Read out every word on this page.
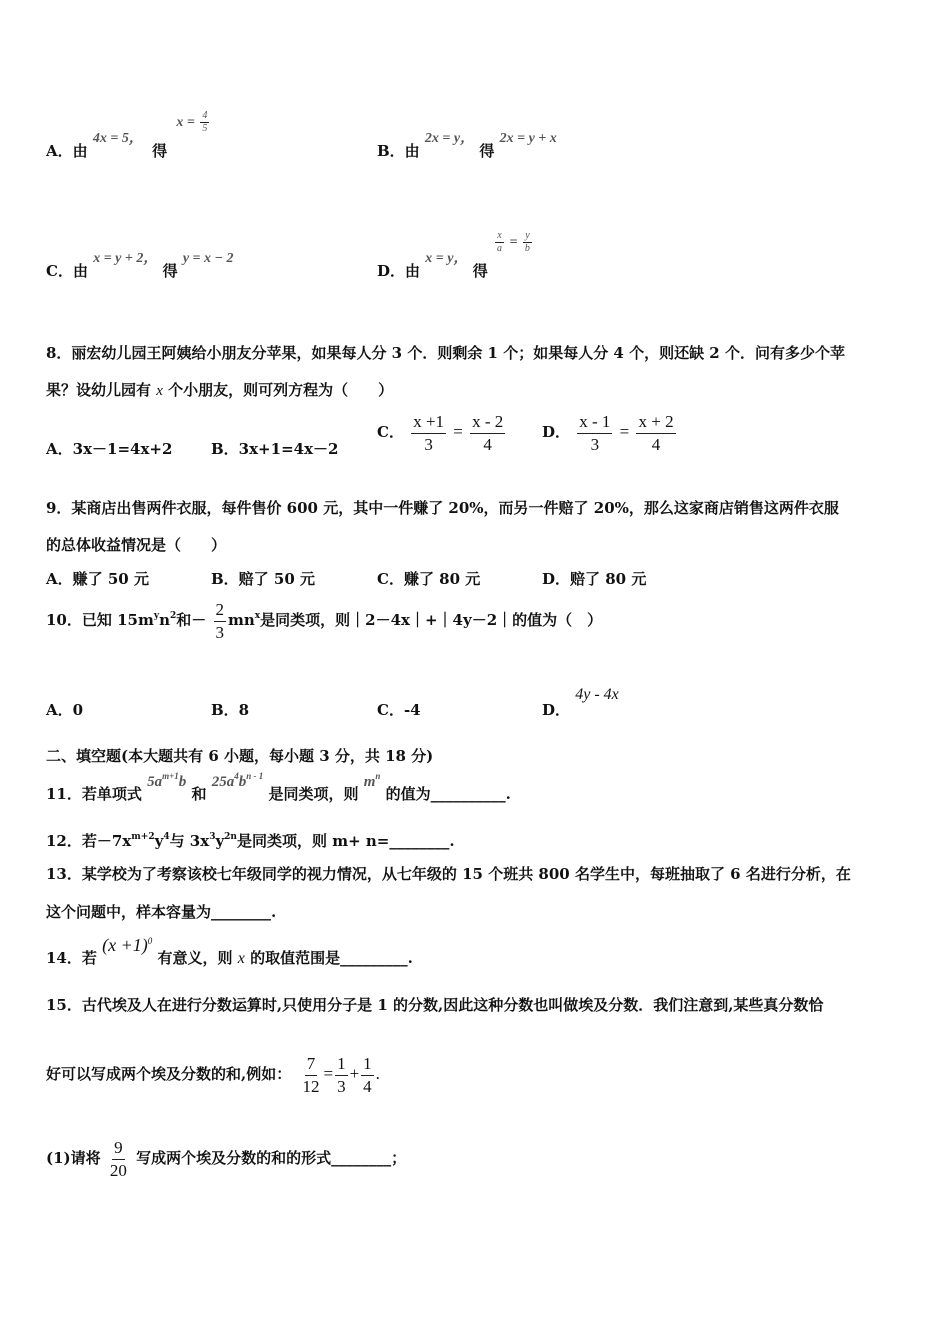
A．由 4x = 5， 得 $x = \frac{4}{5}$
B．由 2x = y， 得 2x = y + x
C．由 x = y + 2， 得 y = x − 2
D．由 x = y， 得
$\frac{x}{a} = \frac{y}{b}$
8．丽宏幼儿园王阿姨给小朋友分苹果，如果每人分 3 个．则剩余 1 个；如果每人分 4 个，则还缺 2 个．问有多少个苹
果？设幼儿园有 x 个小朋友，则可列方程为（　　）
A．3x－1=4x+2	B．3x+1=4x－2
C． $\frac{x +1}{3} = \frac{x - 2}{4}$ D． $\frac{x - 1}{3} = \frac{x + 2}{4}$
9．某商店出售两件衣服，每件售价 600 元，其中一件赚了 20%，而另一件赔了 20%，那么这家商店销售这两件衣服
的总体收益情况是（　　）
A．赚了 50 元	B．赔了 50 元	C．赚了 80 元	D．赔了 80 元
10．已知 $15m^yn^2$和－ $\frac{2}{3} mn^x$是同类项，则｜2－4x｜+｜4y－2｜的值为（　）
A．0	B．8	C．-4	D． 4y - 4x
二、填空题(本大题共有 6 小题，每小题 3 分，共 18 分)
11．若单项式 $5a^{m+1}b$ 和 $25a^4b^{n - 1}$ 是同类项，则 $m^n$ 的值为__________.
12．若$-7x^{m+2}y^4$与 $3x^3y^{2n}$是同类项，则 m+ n=________.
13．某学校为了考察该校七年级同学的视力情况，从七年级的 15 个班共 800 名学生中，每班抽取了 6 名进行分析，在
这个问题中，样本容量为________.
14．若 $(x +1)^0$ 有意义，则 x 的取值范围是_________.
15．古代埃及人在进行分数运算时,只使用分子是 1 的分数,因此这种分数也叫做埃及分数．我们注意到,某些真分数恰
好可以写成两个埃及分数的和,例如： $\frac{7}{12} = \frac{1}{3} + \frac{1}{4}$ .
(1)请将 $\frac{9}{20}$ 写成两个埃及分数的和的形式________；
